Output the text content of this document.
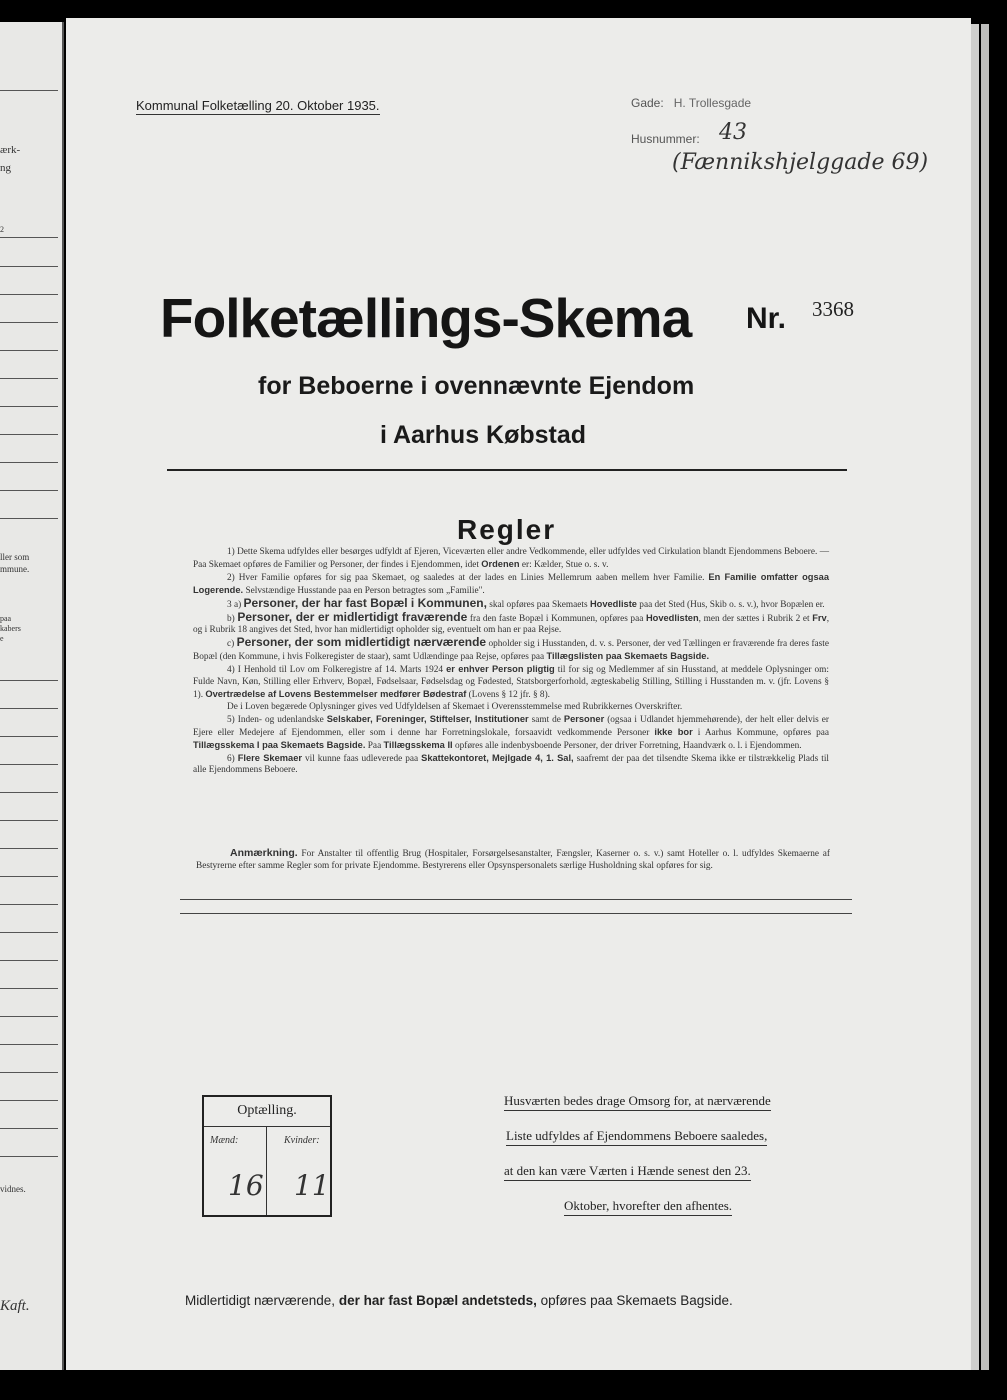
ærk-
ng
2
ller som
mmune.
paa
kabers
e
vidnes.
Kaft.
Kommunal Folketælling 20. Oktober 1935.	Gade: H. Trollesgade
Husnummer: 43
(Fænnikshjelggade 69)
Folketællings-Skema Nr. 3368
for Beboerne i ovennævnte Ejendom
i Aarhus Købstad
Regler

1) Dette Skema udfyldes eller besørges udfyldt af Ejeren, Viceværten eller andre Vedkommende, eller udfyldes ved Cirkulation blandt Ejendommens Beboere. — Paa Skemaet opføres de Familier og Personer, der findes i Ejendommen, idet Ordenen er: Kælder, Stue o. s. v.

2) Hver Familie opføres for sig paa Skemaet, og saaledes at der lades en Linies Mellemrum aaben mellem hver Familie. En Familie omfatter ogsaa Logerende. Selvstændige Husstande paa en Person betragtes som „Familie".

3 a) Personer, der har fast Bopæl i Kommunen, skal opføres paa Skemaets Hovedliste paa det Sted (Hus, Skib o. s. v.), hvor Bopælen er.

b) Personer, der er midlertidigt fraværende fra den faste Bopæl i Kommunen, opføres paa Hovedlisten, men der sættes i Rubrik 2 et Frv, og i Rubrik 18 angives det Sted, hvor han midlertidigt opholder sig, eventuelt om han er paa Rejse.

c) Personer, der som midlertidigt nærværende opholder sig i Husstanden, d. v. s. Personer, der ved Tællingen er fraværende fra deres faste Bopæl (den Kommune, i hvis Folkeregister de staar), samt Udlændinge paa Rejse, opføres paa Tillægslisten paa Skemaets Bagside.

4) I Henhold til Lov om Folkeregistre af 14. Marts 1924 er enhver Person pligtig til for sig og Medlemmer af sin Husstand, at meddele Oplysninger om: Fulde Navn, Køn, Stilling eller Erhverv, Bopæl, Fødselsaar, Fødselsdag og Fødested, Statsborgerforhold, ægteskabelig Stilling, Stilling i Husstanden m. v. (jfr. Lovens § 1). Overtrædelse af Lovens Bestemmelser medfører Bødestraf (Lovens § 12 jfr. § 8).

De i Loven begærede Oplysninger gives ved Udfyldelsen af Skemaet i Overensstemmelse med Rubrikkernes Overskrifter.

5) Inden- og udenlandske Selskaber, Foreninger, Stiftelser, Institutioner samt de Personer (ogsaa i Udlandet hjemmehørende), der helt eller delvis er Ejere eller Medejere af Ejendommen, eller som i denne har Forretningslokale, forsaavidt vedkommende Personer ikke bor i Aarhus Kommune, opføres paa Tillægsskema I paa Skemaets Bagside. Paa Tillægsskema II opføres alle indenbysboende Personer, der driver Forretning, Haandværk o. l. i Ejendommen.

6) Flere Skemaer vil kunne faas udleverede paa Skattekontoret, Mejlgade 4, 1. Sal, saafremt der paa det tilsendte Skema ikke er tilstrækkelig Plads til alle Ejendommens Beboere.

Anmærkning. For Anstalter til offentlig Brug (Hospitaler, Forsørgelsesanstalter, Fængsler, Kaserner o. s. v.) samt Hoteller o. l. udfyldes Skemaerne af Bestyrerne efter samme Regler som for private Ejendomme. Bestyrerens eller Opsynspersonalets særlige Husholdning skal opføres for sig.
Optælling.
Mænd:	Kvinder:
16 11
Husværten bedes drage Omsorg for, at nærværende
Liste udfyldes af Ejendommens Beboere saaledes,
at den kan være Værten i Hænde senest den 23.
Oktober, hvorefter den afhentes.
Midlertidigt nærværende, der har fast Bopæl andetsteds, opføres paa Skemaets Bagside.
